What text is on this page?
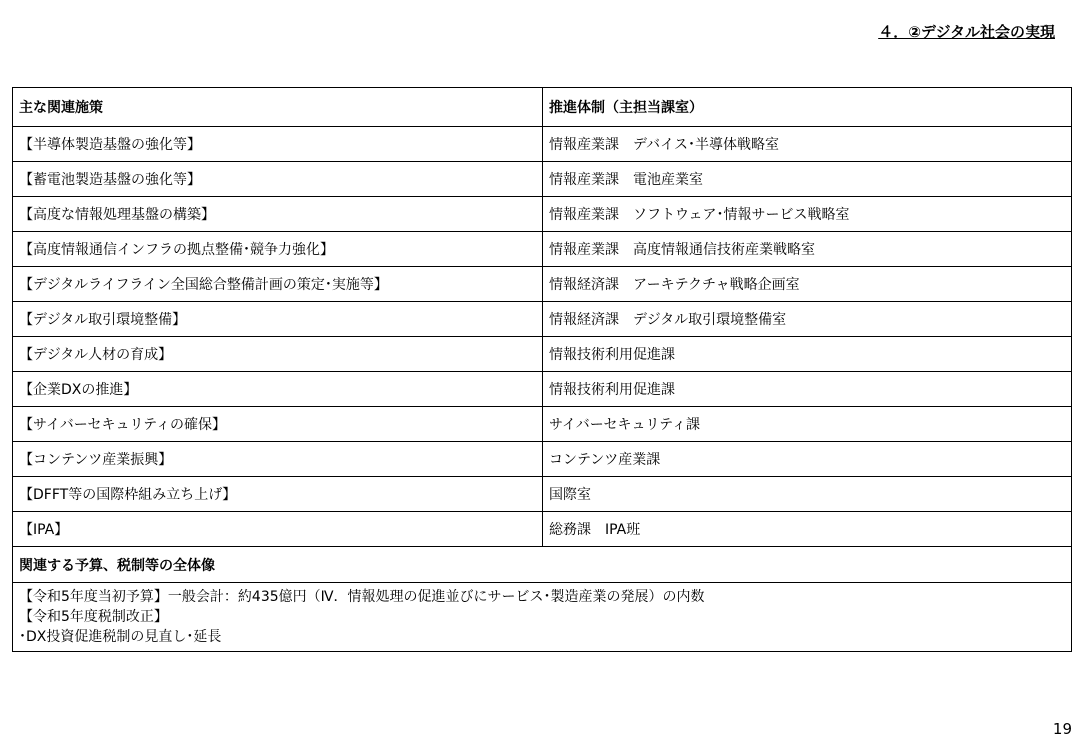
４．②デジタル社会の実現
主な関連施策	推進体制（主担当課室）
【半導体製造基盤の強化等】	情報産業課　デバイス･半導体戦略室
【蓄電池製造基盤の強化等】	情報産業課　電池産業室
【高度な情報処理基盤の構築】	情報産業課　ソフトウェア･情報サービス戦略室
【高度情報通信インフラの拠点整備･競争力強化】	情報産業課　高度情報通信技術産業戦略室
【デジタルライフライン全国総合整備計画の策定･実施等】	情報経済課　アーキテクチャ戦略企画室
【デジタル取引環境整備】	情報経済課　デジタル取引環境整備室
【デジタル人材の育成】	情報技術利用促進課
【企業DXの推進】	情報技術利用促進課
【サイバーセキュリティの確保】	サイバーセキュリティ課
【コンテンツ産業振興】	コンテンツ産業課
【DFFT等の国際枠組み立ち上げ】	国際室
【IPA】	総務課　IPA班
関連する予算、税制等の全体像	

【令和5年度当初予算】一般会計：約435億円（Ⅳ．情報処理の促進並びにサービス･製造産業の発展）の内数
【令和5年度税制改正】
･DX投資促進税制の見直し･延長	
19
